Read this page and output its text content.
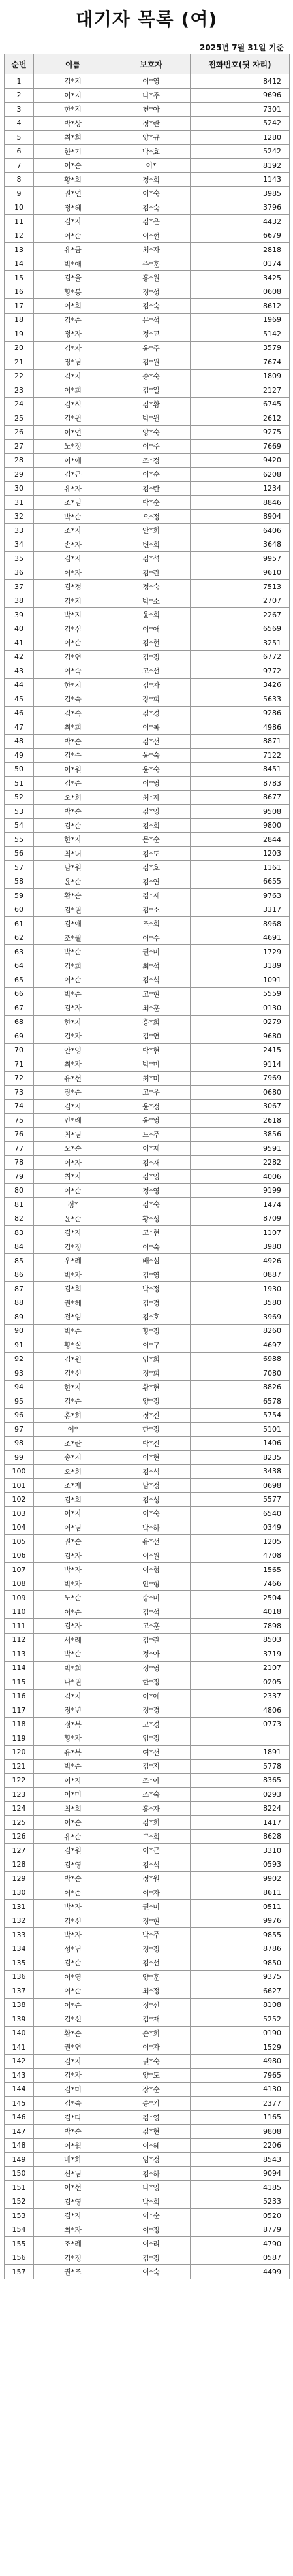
대기자 목록 (여)
2025년 7월 31일 기준
순번	이름	보호자	전화번호(뒷 자리)
1	김*지	이*영	8412
2	이*지	나*주	9696
3	한*지	천*아	7301
4	박*상	정*란	5242
5	최*희	양*규	1280
6	한*기	박*효	5242
7	이*순	이*	8192
8	황*희	정*희	1143
9	권*연	이*숙	3985
10	정*혜	김*숙	3796
11	김*자	김*은	4432
12	이*순	이*현	6679
13	유*금	최*자	2818
14	박*애	주*훈	0174
15	김*율	홍*원	3425
16	황*봉	정*성	0608
17	이*희	김*숙	8612
18	김*순	문*석	1969
19	정*자	정*교	5142
20	김*자	윤*주	3579
21	정*님	김*원	7674
22	김*자	송*숙	1809
23	이*희	김*일	2127
24	김*식	김*황	6745
25	김*원	박*원	2612
26	이*연	양*숙	9275
27	노*정	이*주	7669
28	이*애	조*정	9420
29	김*근	이*순	6208
30	유*자	김*란	1234
31	조*님	박*순	8846
32	박*순	오*정	8904
33	조*자	안*희	6406
34	손*자	변*희	3648
35	김*자	김*석	9957
36	이*자	김*란	9610
37	김*정	정*숙	7513
38	김*지	박*소	2707
39	박*지	윤*희	2267
40	김*심	이*애	6569
41	이*순	김*현	3251
42	김*연	김*정	6772
43	이*숙	고*선	9772
44	한*지	김*자	3426
45	김*숙	장*희	5633
46	김*숙	김*경	9286
47	최*희	이*록	4986
48	박*순	김*선	8871
49	김*수	윤*숙	7122
50	이*원	윤*숙	8451
51	김*순	이*영	8783
52	오*희	최*자	8677
53	박*순	김*영	9508
54	김*순	김*희	9800
55	한*자	문*순	2844
56	최*녀	김*도	1203
57	남*원	김*호	1161
58	윤*순	김*연	6655
59	황*순	김*재	9763
60	김*원	김*소	3317
61	김*애	조*희	8968
62	조*월	이*수	4691
63	박*순	권*미	1729
64	김*희	최*석	3189
65	이*순	김*석	1091
66	박*순	고*현	5559
67	김*자	최*훈	0130
68	한*자	홍*희	0279
69	김*자	김*연	9680
70	안*영	박*현	2415
71	최*자	박*미	9114
72	유*선	최*미	7969
73	장*순	고*우	0680
74	김*자	윤*정	3067
75	안*례	윤*영	2618
76	최*님	노*주	3856
77	오*순	이*재	9591
78	이*자	김*재	2282
79	최*자	김*영	4006
80	이*순	정*영	9199
81	정*	김*숙	1474
82	윤*순	황*성	8709
83	김*자	고*현	1107
84	김*정	이*숙	3980
85	우*례	배*심	4926
86	박*자	김*영	0887
87	김*희	박*정	1930
88	권*혜	김*경	3580
89	전*임	김*호	3969
90	박*순	황*정	8260
91	황*실	이*구	4697
92	김*원	임*희	6988
93	김*선	정*희	7080
94	한*자	황*현	8826
95	김*순	양*정	6578
96	홍*희	정*진	5754
97	이*	한*정	5101
98	조*란	박*진	1406
99	송*지	이*현	8235
100	오*희	김*석	3438
101	조*재	남*정	0698
102	김*희	김*성	5577
103	이*자	이*숙	6540
104	이*님	박*하	0349
105	권*순	유*선	1205
106	김*자	이*원	4708
107	박*자	이*형	1565
108	박*자	안*형	7466
109	노*순	송*미	2504
110	이*순	김*석	4018
111	김*자	고*훈	7898
112	서*례	김*란	8503
113	박*순	정*아	3719
114	박*희	정*영	2107
115	나*원	한*정	0205
116	김*자	이*애	2337
117	정*년	정*경	4806
118	정*복	고*경	0773
119	황*자	임*정	
120	유*복	여*선	1891
121	박*순	김*지	5778
122	이*자	조*아	8365
123	이*미	조*숙	0293
124	최*희	홍*자	8224
125	이*순	김*희	1417
126	유*순	구*희	8628
127	김*원	이*근	3310
128	김*영	김*석	0593
129	박*순	정*원	9902
130	이*순	이*자	8611
131	박*자	권*미	0511
132	김*선	정*현	9976
133	박*자	박*주	9855
134	성*님	정*정	8786
135	김*순	김*선	9850
136	이*영	양*훈	9375
137	이*순	최*정	6627
138	이*순	정*선	8108
139	김*선	김*재	5252
140	황*순	손*희	0190
141	권*연	이*자	1529
142	김*자	권*숙	4980
143	김*자	양*도	7965
144	김*미	장*순	4130
145	김*숙	송*기	2377
146	김*다	김*영	1165
147	박*순	김*현	9808
148	이*월	이*혜	2206
149	배*화	임*정	8543
150	신*님	김*하	9094
151	이*선	나*영	4185
152	김*영	박*희	5233
153	김*자	이*순	0520
154	최*자	이*정	8779
155	조*례	이*리	4790
156	김*정	김*정	0587
157	권*조	이*숙	4499
